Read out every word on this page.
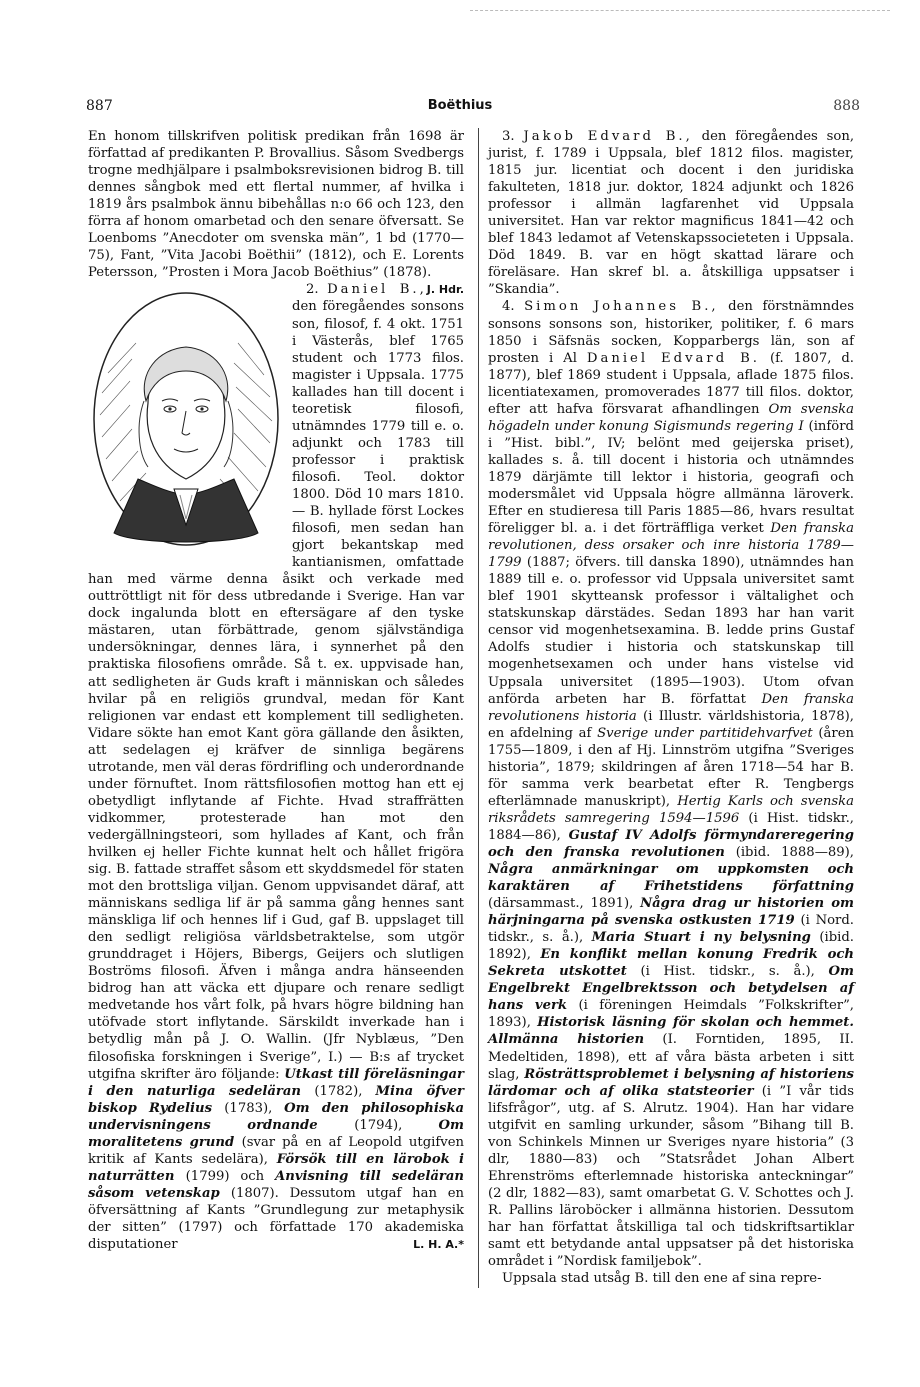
887	Boëthius	888

En honom tillskrifven politisk predikan från 1698 är författad af predikanten P. Brovallius. Såsom Svedbergs trogne medhjälpare i psalmboksrevisionen bidrog B. till dennes sångbok med ett flertal nummer, af hvilka i 1819 års psalmbok ännu bibehållas n:o 66 och 123, den förra af honom omarbetad och den senare öfversatt. Se Loenboms ”Anecdoter om svenska män”, 1 bd (1770—75), Fant, ”Vita Jacobi Boëthii” (1812), och E. Lorents Petersson, ”Prosten i Mora Jacob Boëthius” (1878).
J. Hdr.

2. Daniel B.,
den föregåendes sonsons son, filosof, f. 4 okt. 1751 i Västerås, blef 1765 student och 1773 filos. magister i Uppsala. 1775 kallades han till docent i teoretisk filosofi, utnämndes 1779 till e. o. adjunkt och 1783 till professor i praktisk filosofi. Teol. doktor 1800. Död 10 mars 1810. — B. hyllade först Lockes filosofi, men sedan han gjort bekantskap med kantianismen, omfattade han med värme denna åsikt och verkade med outtröttligt nit för dess utbredande i Sverige. Han var dock ingalunda blott en eftersägare af den tyske mästaren, utan förbättrade, genom självständiga undersökningar, dennes lära, i synnerhet på den praktiska filosofiens område. Så t. ex. uppvisade han, att sedligheten är Guds kraft i människan och således hvilar på en religiös grundval, medan för Kant religionen var endast ett komplement till sedligheten. Vidare sökte han emot Kant göra gällande den åsikten, att sedelagen ej kräfver de sinnliga begärens utrotande, men väl deras fördrifling och underordnande under förnuftet. Inom rättsfilosofien mottog han ett ej obetydligt inflytande af Fichte. Hvad straffrätten vidkommer, protesterade han mot den vedergällningsteori, som hyllades af Kant, och från hvilken ej heller Fichte kunnat helt och hållet frigöra sig. B. fattade straffet såsom ett skyddsmedel för staten mot den brottsliga viljan. Genom uppvisandet däraf, att människans sedliga lif är på samma gång hennes sant mänskliga lif och hennes lif i Gud, gaf B. uppslaget till den sedligt religiösa världsbetraktelse, som utgör grunddraget i Höjers, Bibergs, Geijers och slutligen Boströms filosofi. Äfven i många andra hänseenden bidrog han att väcka ett djupare och renare sedligt medvetande hos vårt folk, på hvars högre bildning han utöfvade stort inflytande. Särskildt inverkade han i betydlig mån på J. O. Wallin. (Jfr Nyblæus, ”Den filosofiska forskningen i Sverige”, I.) — B:s af trycket utgifna skrifter äro följande: Utkast till föreläsningar i den naturliga sedeläran (1782), Mina öfver biskop Rydelius (1783), Om den philosophiska undervisningens ordnande (1794), Om moralitetens grund (svar på en af Leopold utgifven kritik af Kants sedelära), Försök till en lärobok i naturrätten (1799) och Anvisning till sedeläran såsom vetenskap (1807). Dessutom utgaf han en öfversättning af Kants ”Grundlegung zur metaphysik der sitten” (1797) och författade 170 akademiska disputationer	L. H. A.*

3. Jakob Edvard B., den föregåendes son, jurist, f. 1789 i Uppsala, blef 1812 filos. magister, 1815 jur. licentiat och docent i den juridiska fakulteten, 1818 jur. doktor, 1824 adjunkt och 1826 professor i allmän lagfarenhet vid Uppsala universitet. Han var rektor magnificus 1841—42 och blef 1843 ledamot af Vetenskapssocieteten i Uppsala. Död 1849. B. var en högt skattad lärare och föreläsare. Han skref bl. a. åtskilliga uppsatser i ”Skandia”.

4. Simon Johannes B., den förstnämndes sonsons sonsons son, historiker, politiker, f. 6 mars 1850 i Säfsnäs socken, Kopparbergs län, son af prosten i Al Daniel Edvard B. (f. 1807, d. 1877), blef 1869 student i Uppsala, aflade 1875 filos. licentiatexamen, promoverades 1877 till filos. doktor, efter att hafva försvarat afhandlingen Om svenska högadeln under konung Sigismunds regering I (införd i ”Hist. bibl.”, IV; belönt med geijerska priset), kallades s. å. till docent i historia och utnämndes 1879 därjämte till lektor i historia, geografi och modersmålet vid Uppsala högre allmänna läroverk. Efter en studieresa till Paris 1885—86, hvars resultat föreligger bl. a. i det förträffliga verket Den franska revolutionen, dess orsaker och inre historia 1789—1799 (1887; öfvers. till danska 1890), utnämndes han 1889 till e. o. professor vid Uppsala universitet samt blef 1901 skytteansk professor i vältalighet och statskunskap därstädes. Sedan 1893 har han varit censor vid mogenhetsexamina. B. ledde prins Gustaf Adolfs studier i historia och statskunskap till mogenhetsexamen och under hans vistelse vid Uppsala universitet (1895—1903). Utom ofvan anförda arbeten har B. författat Den franska revolutionens historia (i Illustr. världshistoria, 1878), en afdelning af Sverige under partitidehvarfvet (åren 1755—1809, i den af Hj. Linnström utgifna ”Sveriges historia”, 1879; skildringen af åren 1718—54 har B. för samma verk bearbetat efter R. Tengbergs efterlämnade manuskript), Hertig Karls och svenska riksrådets samregering 1594—1596 (i Hist. tidskr., 1884—86), Gustaf IV Adolfs förmyndareregering och den franska revolutionen (ibid. 1888—89), Några anmärkningar om uppkomsten och karaktären af Frihetstidens författning (därsammast., 1891), Några drag ur historien om härjningarna på svenska ostkusten 1719 (i Nord. tidskr., s. å.), Maria Stuart i ny belysning (ibid. 1892), En konflikt mellan konung Fredrik och Sekreta utskottet (i Hist. tidskr., s. å.), Om Engelbrekt Engelbrektsson och betydelsen af hans verk (i föreningen Heimdals ”Folkskrifter”, 1893), Historisk läsning för skolan och hemmet. Allmänna historien (I. Forntiden, 1895, II. Medeltiden, 1898), ett af våra bästa arbeten i sitt slag, Rösträttsproblemet i belysning af historiens lärdomar och af olika statsteorier (i ”I vår tids lifsfrågor”, utg. af S. Alrutz. 1904). Han har vidare utgifvit en samling urkunder, såsom ”Bihang till B. von Schinkels Minnen ur Sveriges nyare historia” (3 dlr, 1880—83) och ”Statsrådet Johan Albert Ehrenströms efterlemnade historiska anteckningar” (2 dlr, 1882—83), samt omarbetat G. V. Schottes och J. R. Pallins läroböcker i allmänna historien. Dessutom har han författat åtskilliga tal och tidskriftsartiklar samt ett betydande antal uppsatser på det historiska området i ”Nordisk familjebok”.

Uppsala stad utsåg B. till den ene af sina repre-
